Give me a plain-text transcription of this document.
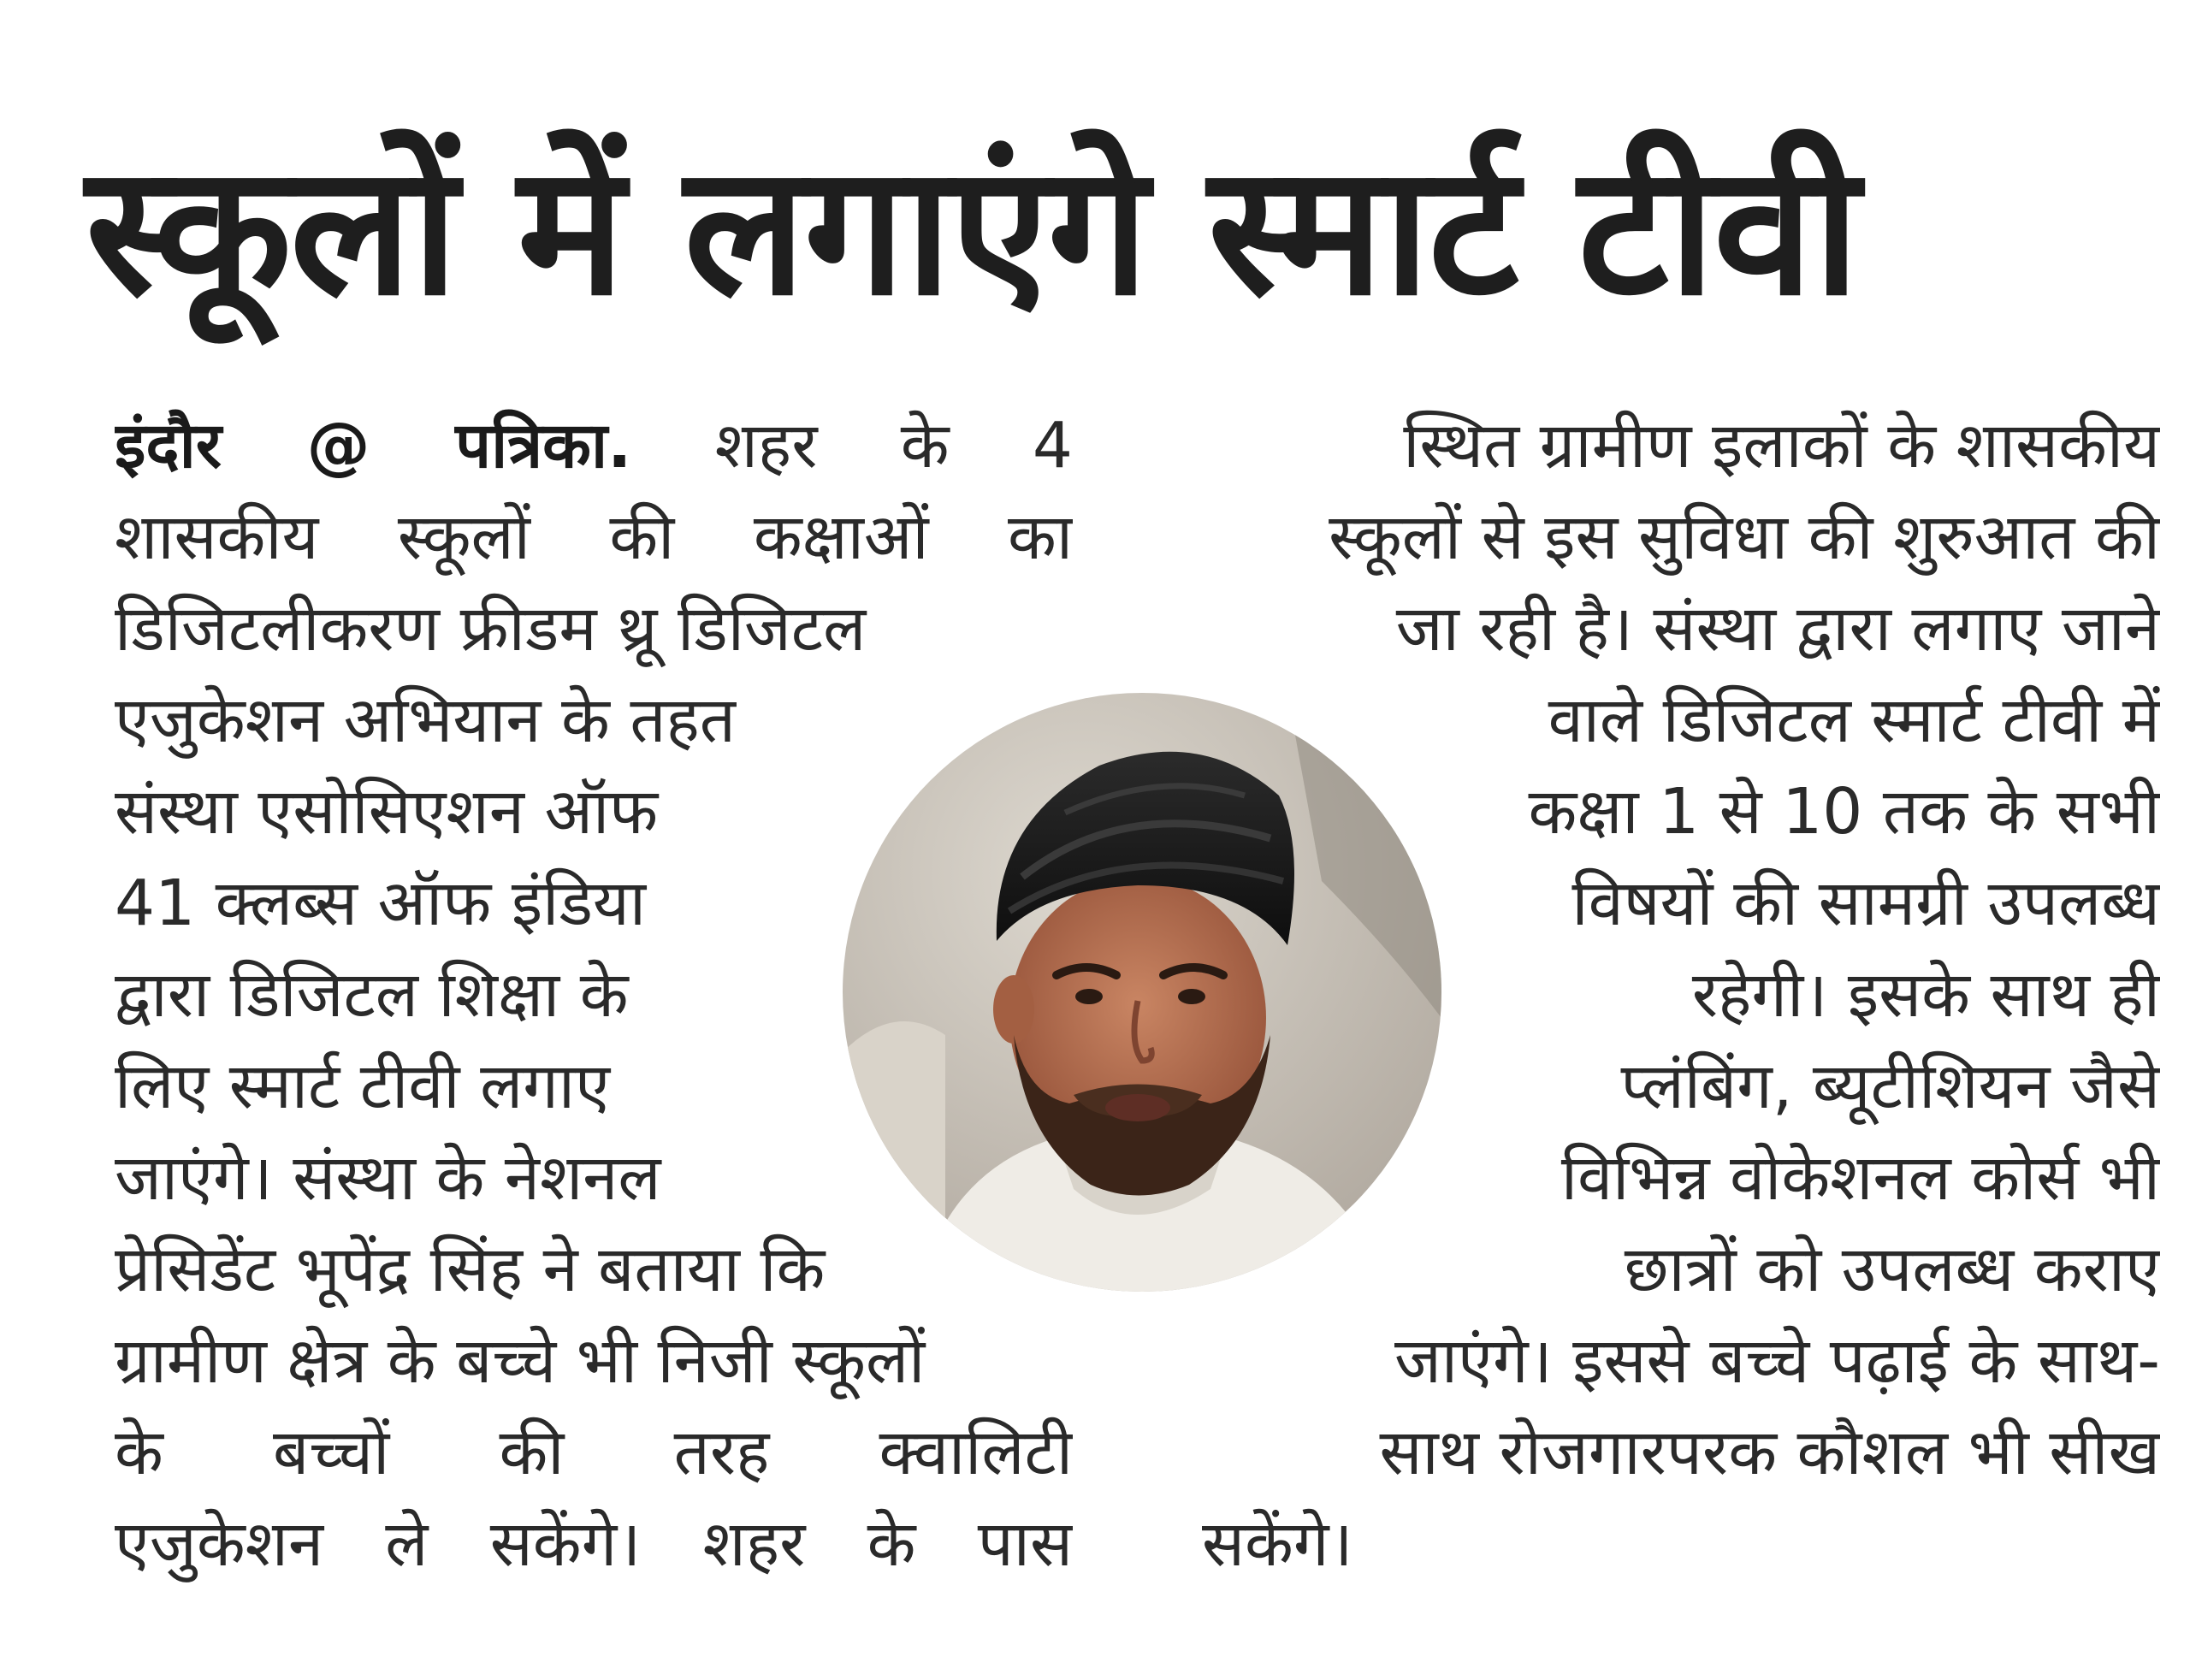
स्कूलों में लगाएंगे स्मार्ट टीवी
इंदौर @ पत्रिका. शहर के 4
शासकीय स्कूलों की कक्षाओं का
डिजिटलीकरण फ्रीडम थ्रू डिजिटल
एजुकेशन अभियान के तहत
संस्था एसोसिएशन ऑफ
41 क्लब्स ऑफ इंडिया
द्वारा डिजिटल शिक्षा के
लिए स्मार्ट टीवी लगाए
जाएंगे। संस्था के नेशनल
प्रेसिडेंट भूपेंद्र सिंह ने बताया कि
ग्रामीण क्षेत्र के बच्चे भी निजी स्कूलों
के बच्चों की तरह क्वालिटी
एजुकेशन ले सकेंगे। शहर के पास
स्थित ग्रामीण इलाकों के शासकीय
स्कूलों से इस सुविधा की शुरुआत की
जा रही है। संस्था द्वारा लगाए जाने
वाले डिजिटल स्मार्ट टीवी में
कक्षा 1 से 10 तक के सभी
विषयों की सामग्री उपलब्ध
रहेगी। इसके साथ ही
प्लंबिंग, ब्यूटीशियन जैसे
विभिन्न वोकेशनल कोर्स भी
छात्रों को उपलब्ध कराए
जाएंगे। इससे बच्चे पढ़ाई के साथ-
साथ रोजगारपरक कौशल भी सीख
सकेंगे।
